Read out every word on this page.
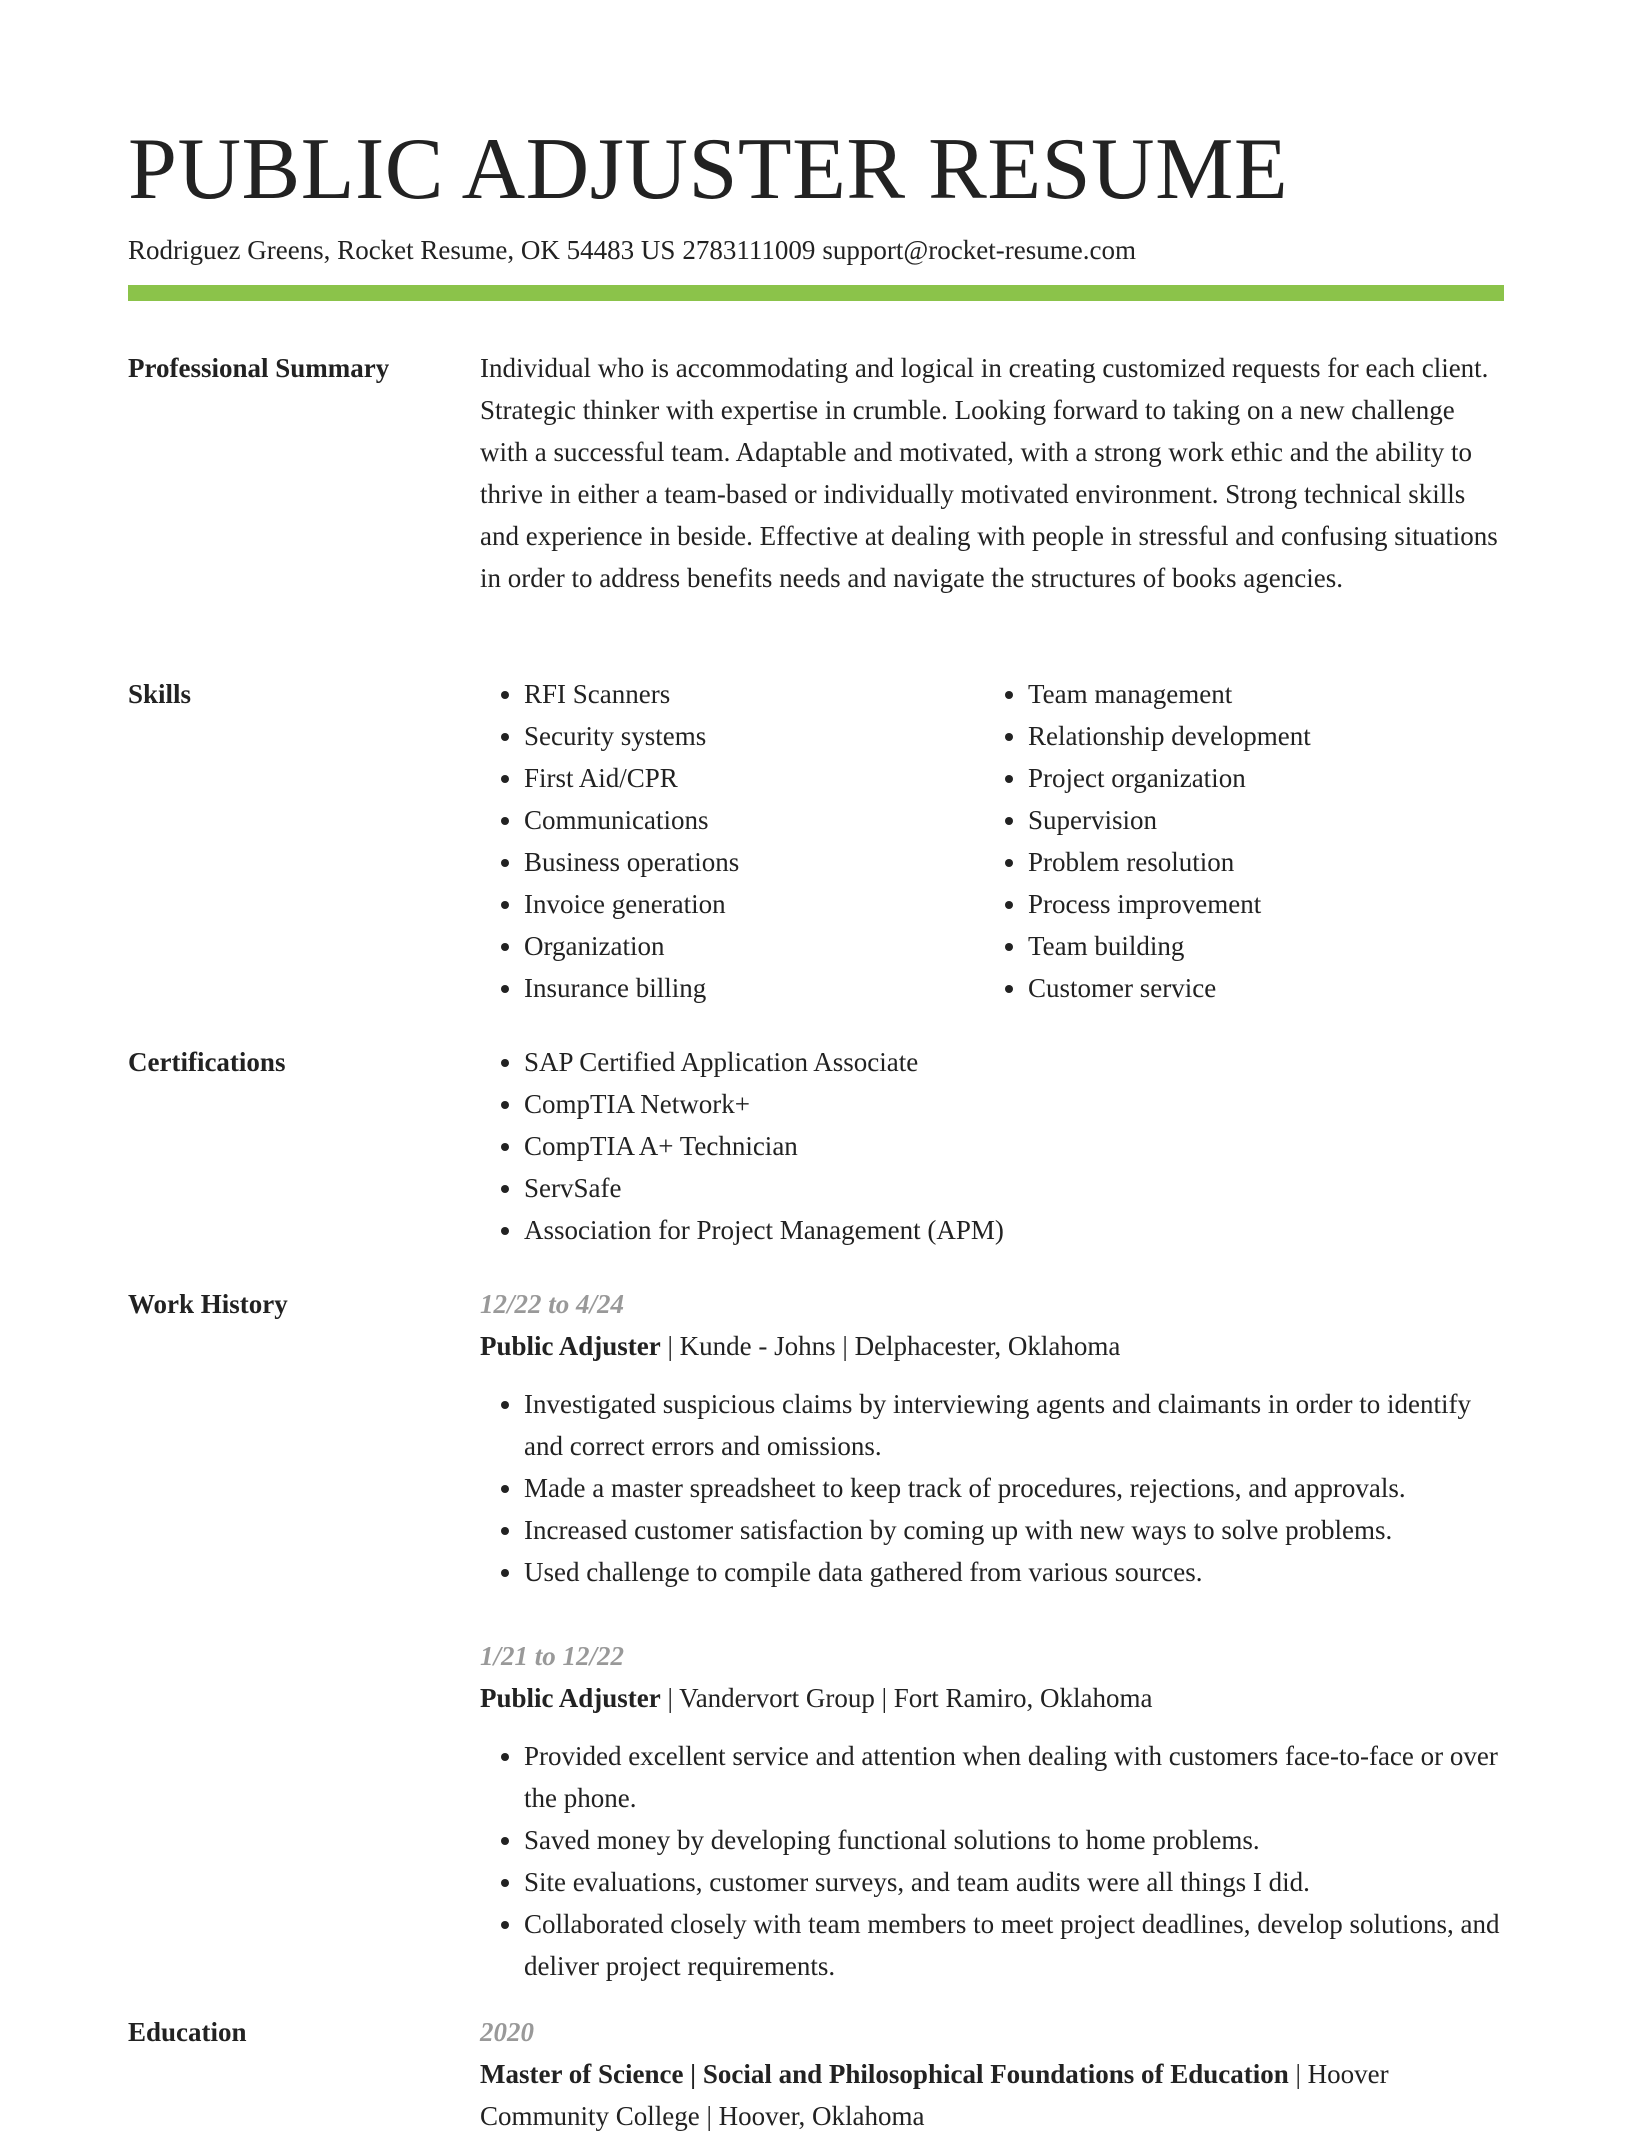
PUBLIC ADJUSTER RESUME
Rodriguez Greens, Rocket Resume, OK 54483 US 2783111009 support@rocket-resume.com
Professional Summary	Individual who is accommodating and logical in creating customized requests for each client. Strategic thinker with expertise in crumble. Looking forward to taking on a new challenge with a successful team. Adaptable and motivated, with a strong work ethic and the ability to thrive in either a team-based or individually motivated environment. Strong technical skills and experience in beside. Effective at dealing with people in stressful and confusing situations in order to address benefits needs and navigate the structures of books agencies.

Skills	• RFI Scanners
• Security systems
• First Aid/CPR
• Communications
• Business operations
• Invoice generation
• Organization
• Insurance billing
• Team management
• Relationship development
• Project organization
• Supervision
• Problem resolution
• Process improvement
• Team building
• Customer service
Certifications	• SAP Certified Application Associate
• CompTIA Network+
• CompTIA A+ Technician
• ServSafe
• Association for Project Management (APM)
Work History	12/22 to 4/24
Public Adjuster | Kunde - Johns | Delphacester, Oklahoma
• Investigated suspicious claims by interviewing agents and claimants in order to identify and correct errors and omissions.
• Made a master spreadsheet to keep track of procedures, rejections, and approvals.
• Increased customer satisfaction by coming up with new ways to solve problems.
• Used challenge to compile data gathered from various sources.
1/21 to 12/22
Public Adjuster | Vandervort Group | Fort Ramiro, Oklahoma
• Provided excellent service and attention when dealing with customers face-to-face or over the phone.
• Saved money by developing functional solutions to home problems.
• Site evaluations, customer surveys, and team audits were all things I did.
• Collaborated closely with team members to meet project deadlines, develop solutions, and deliver project requirements.
Education	2020
Master of Science | Social and Philosophical Foundations of Education | Hoover Community College | Hoover, Oklahoma
